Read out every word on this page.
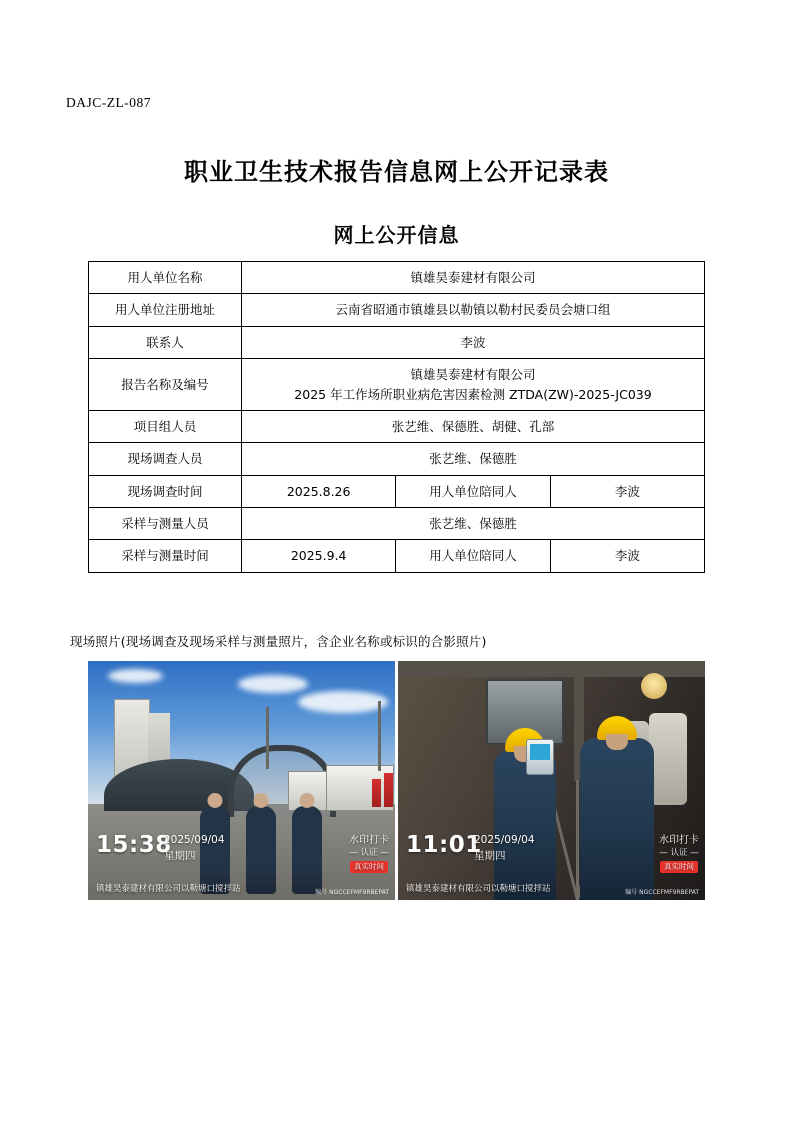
DAJC-ZL-087
职业卫生技术报告信息网上公开记录表
网上公开信息
用人单位名称	镇雄昊泰建材有限公司		
用人单位注册地址	云南省昭通市镇雄县以勒镇以勒村民委员会塘口组		
联系人	李波		
报告名称及编号	镇雄昊泰建材有限公司
2025 年工作场所职业病危害因素检测 ZTDA(ZW)-2025-JC039		

项目组人员	张艺维、保德胜、胡健、孔部		
现场调查人员	张艺维、保德胜		
现场调查时间	2025.8.26	用人单位陪同人	李波
采样与测量人员	张艺维、保德胜		
采样与测量时间	2025.9.4	用人单位陪同人	李波
现场照片(现场调查及现场采样与测量照片，含企业名称或标识的合影照片)
15:38
2025/09/04
星期四
镇雄昊泰建材有限公司以勒塘口搅拌站
水印打卡
— 认证 —
真实时间
编号 NGCCEFMF9RBEPAT
11:01
2025/09/04
星期四
镇雄昊泰建材有限公司以勒塘口搅拌站
水印打卡
— 认证 —
真实时间
编号 NGCCEFMF9RBEPAT
